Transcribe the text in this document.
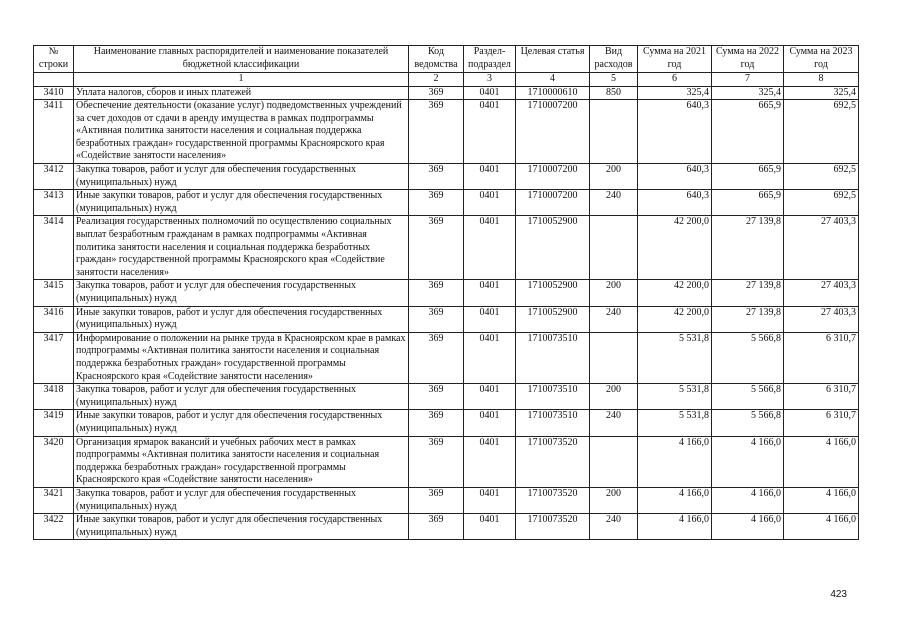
№ строки	Наименование главных распорядителей и наименование показателей бюджетной классификации	Код ведомства	Раздел-подраздел	Целевая статья	Вид расходов	Сумма на 2021 год	Сумма на 2022 год	Сумма на 2023 год
	1	2	3	4	5	6	7	8
3410	Уплата налогов, сборов и иных платежей	369	0401	1710000610	850	325,4	325,4	325,4
3411	Обеспечение деятельности (оказание услуг) подведомственных учреждений за счет доходов от сдачи в аренду имущества в рамках подпрограммы «Активная политика занятости населения и социальная поддержка безработных граждан» государственной программы Красноярского края «Содействие занятости населения»	369	0401	1710007200		640,3	665,9	692,5
3412	Закупка товаров, работ и услуг для обеспечения государственных (муниципальных) нужд	369	0401	1710007200	200	640,3	665,9	692,5
3413	Иные закупки товаров, работ и услуг для обеспечения государственных (муниципальных) нужд	369	0401	1710007200	240	640,3	665,9	692,5
3414	Реализация государственных полномочий по осуществлению социальных выплат безработным гражданам в рамках подпрограммы «Активная политика занятости населения и социальная поддержка безработных граждан» государственной программы Красноярского края «Содействие занятости населения»	369	0401	1710052900		42 200,0	27 139,8	27 403,3
3415	Закупка товаров, работ и услуг для обеспечения государственных (муниципальных) нужд	369	0401	1710052900	200	42 200,0	27 139,8	27 403,3
3416	Иные закупки товаров, работ и услуг для обеспечения государственных (муниципальных) нужд	369	0401	1710052900	240	42 200,0	27 139,8	27 403,3
3417	Информирование о положении на рынке труда в Красноярском крае в рамках подпрограммы «Активная политика занятости населения и социальная поддержка безработных граждан» государственной программы Красноярского края «Содействие занятости населения»	369	0401	1710073510		5 531,8	5 566,8	6 310,7
3418	Закупка товаров, работ и услуг для обеспечения государственных (муниципальных) нужд	369	0401	1710073510	200	5 531,8	5 566,8	6 310,7
3419	Иные закупки товаров, работ и услуг для обеспечения государственных (муниципальных) нужд	369	0401	1710073510	240	5 531,8	5 566,8	6 310,7
3420	Организация ярмарок вакансий и учебных рабочих мест в рамках подпрограммы «Активная политика занятости населения и социальная поддержка безработных граждан» государственной программы Красноярского края «Содействие занятости населения»	369	0401	1710073520		4 166,0	4 166,0	4 166,0
3421	Закупка товаров, работ и услуг для обеспечения государственных (муниципальных) нужд	369	0401	1710073520	200	4 166,0	4 166,0	4 166,0
3422	Иные закупки товаров, работ и услуг для обеспечения государственных (муниципальных) нужд	369	0401	1710073520	240	4 166,0	4 166,0	4 166,0
423
